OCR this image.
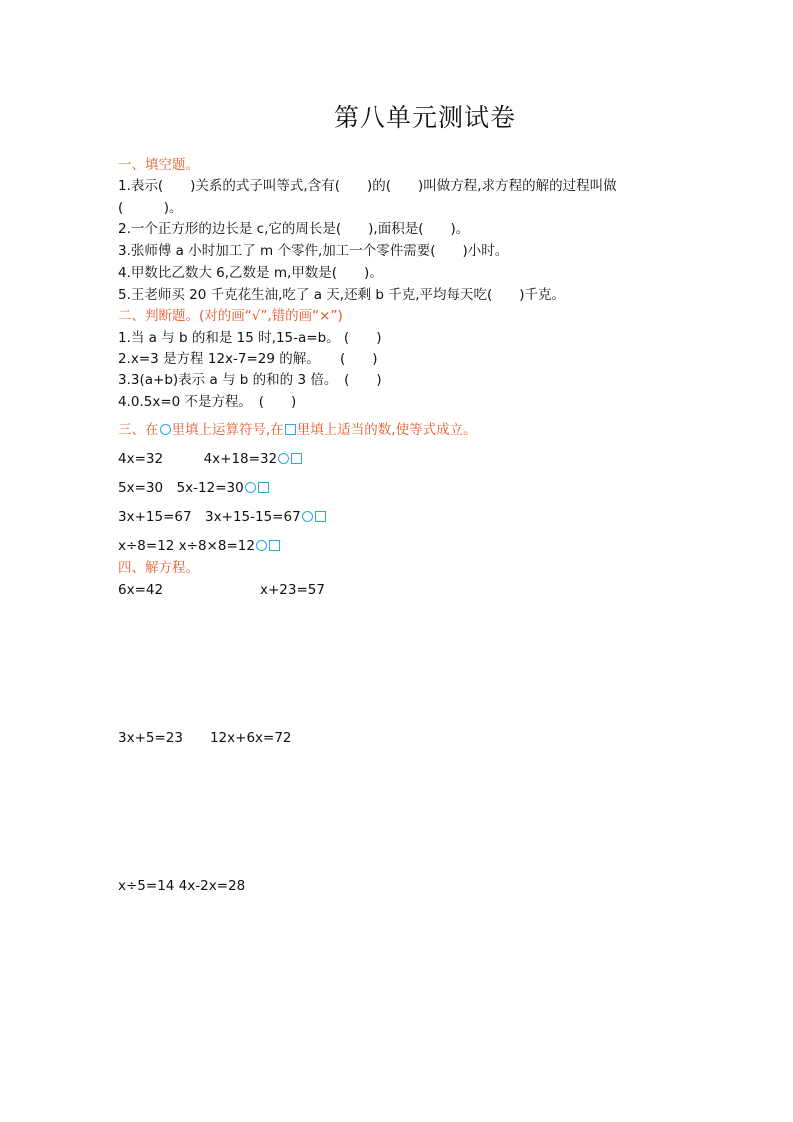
第八单元测试卷
一、填空题。
1.表示(　　)关系的式子叫等式,含有(　　)的(　　)叫做方程,求方程的解的过程叫做
(　　　)。
2.一个正方形的边长是 c,它的周长是(　　),面积是(　　)。
3.张师傅 a 小时加工了 m 个零件,加工一个零件需要(　　)小时。
4.甲数比乙数大 6,乙数是 m,甲数是(　　)。
5.王老师买 20 千克花生油,吃了 a 天,还剩 b 千克,平均每天吃(　　)千克。
二、判断题。(对的画“√”,错的画“×”)
1.当 a 与 b 的和是 15 时,15-a=b。 (　　)
2.x=3 是方程 12x-7=29 的解。　　(　　)
3.3(a+b)表示 a 与 b 的和的 3 倍。　(　　)
4.0.5x=0 不是方程。　(　　)
三、在 里填上运算符号,在 里填上适当的数,使等式成立。
4x=32　　　4x+18=32
5x=30　5x-12=30
3x+15=67　3x+15-15=67
x÷8=12 x÷8×8=12
四、解方程。
6x=42	x+23=57
3x+5=23　　12x+6x=72
x÷5=14 4x-2x=28
